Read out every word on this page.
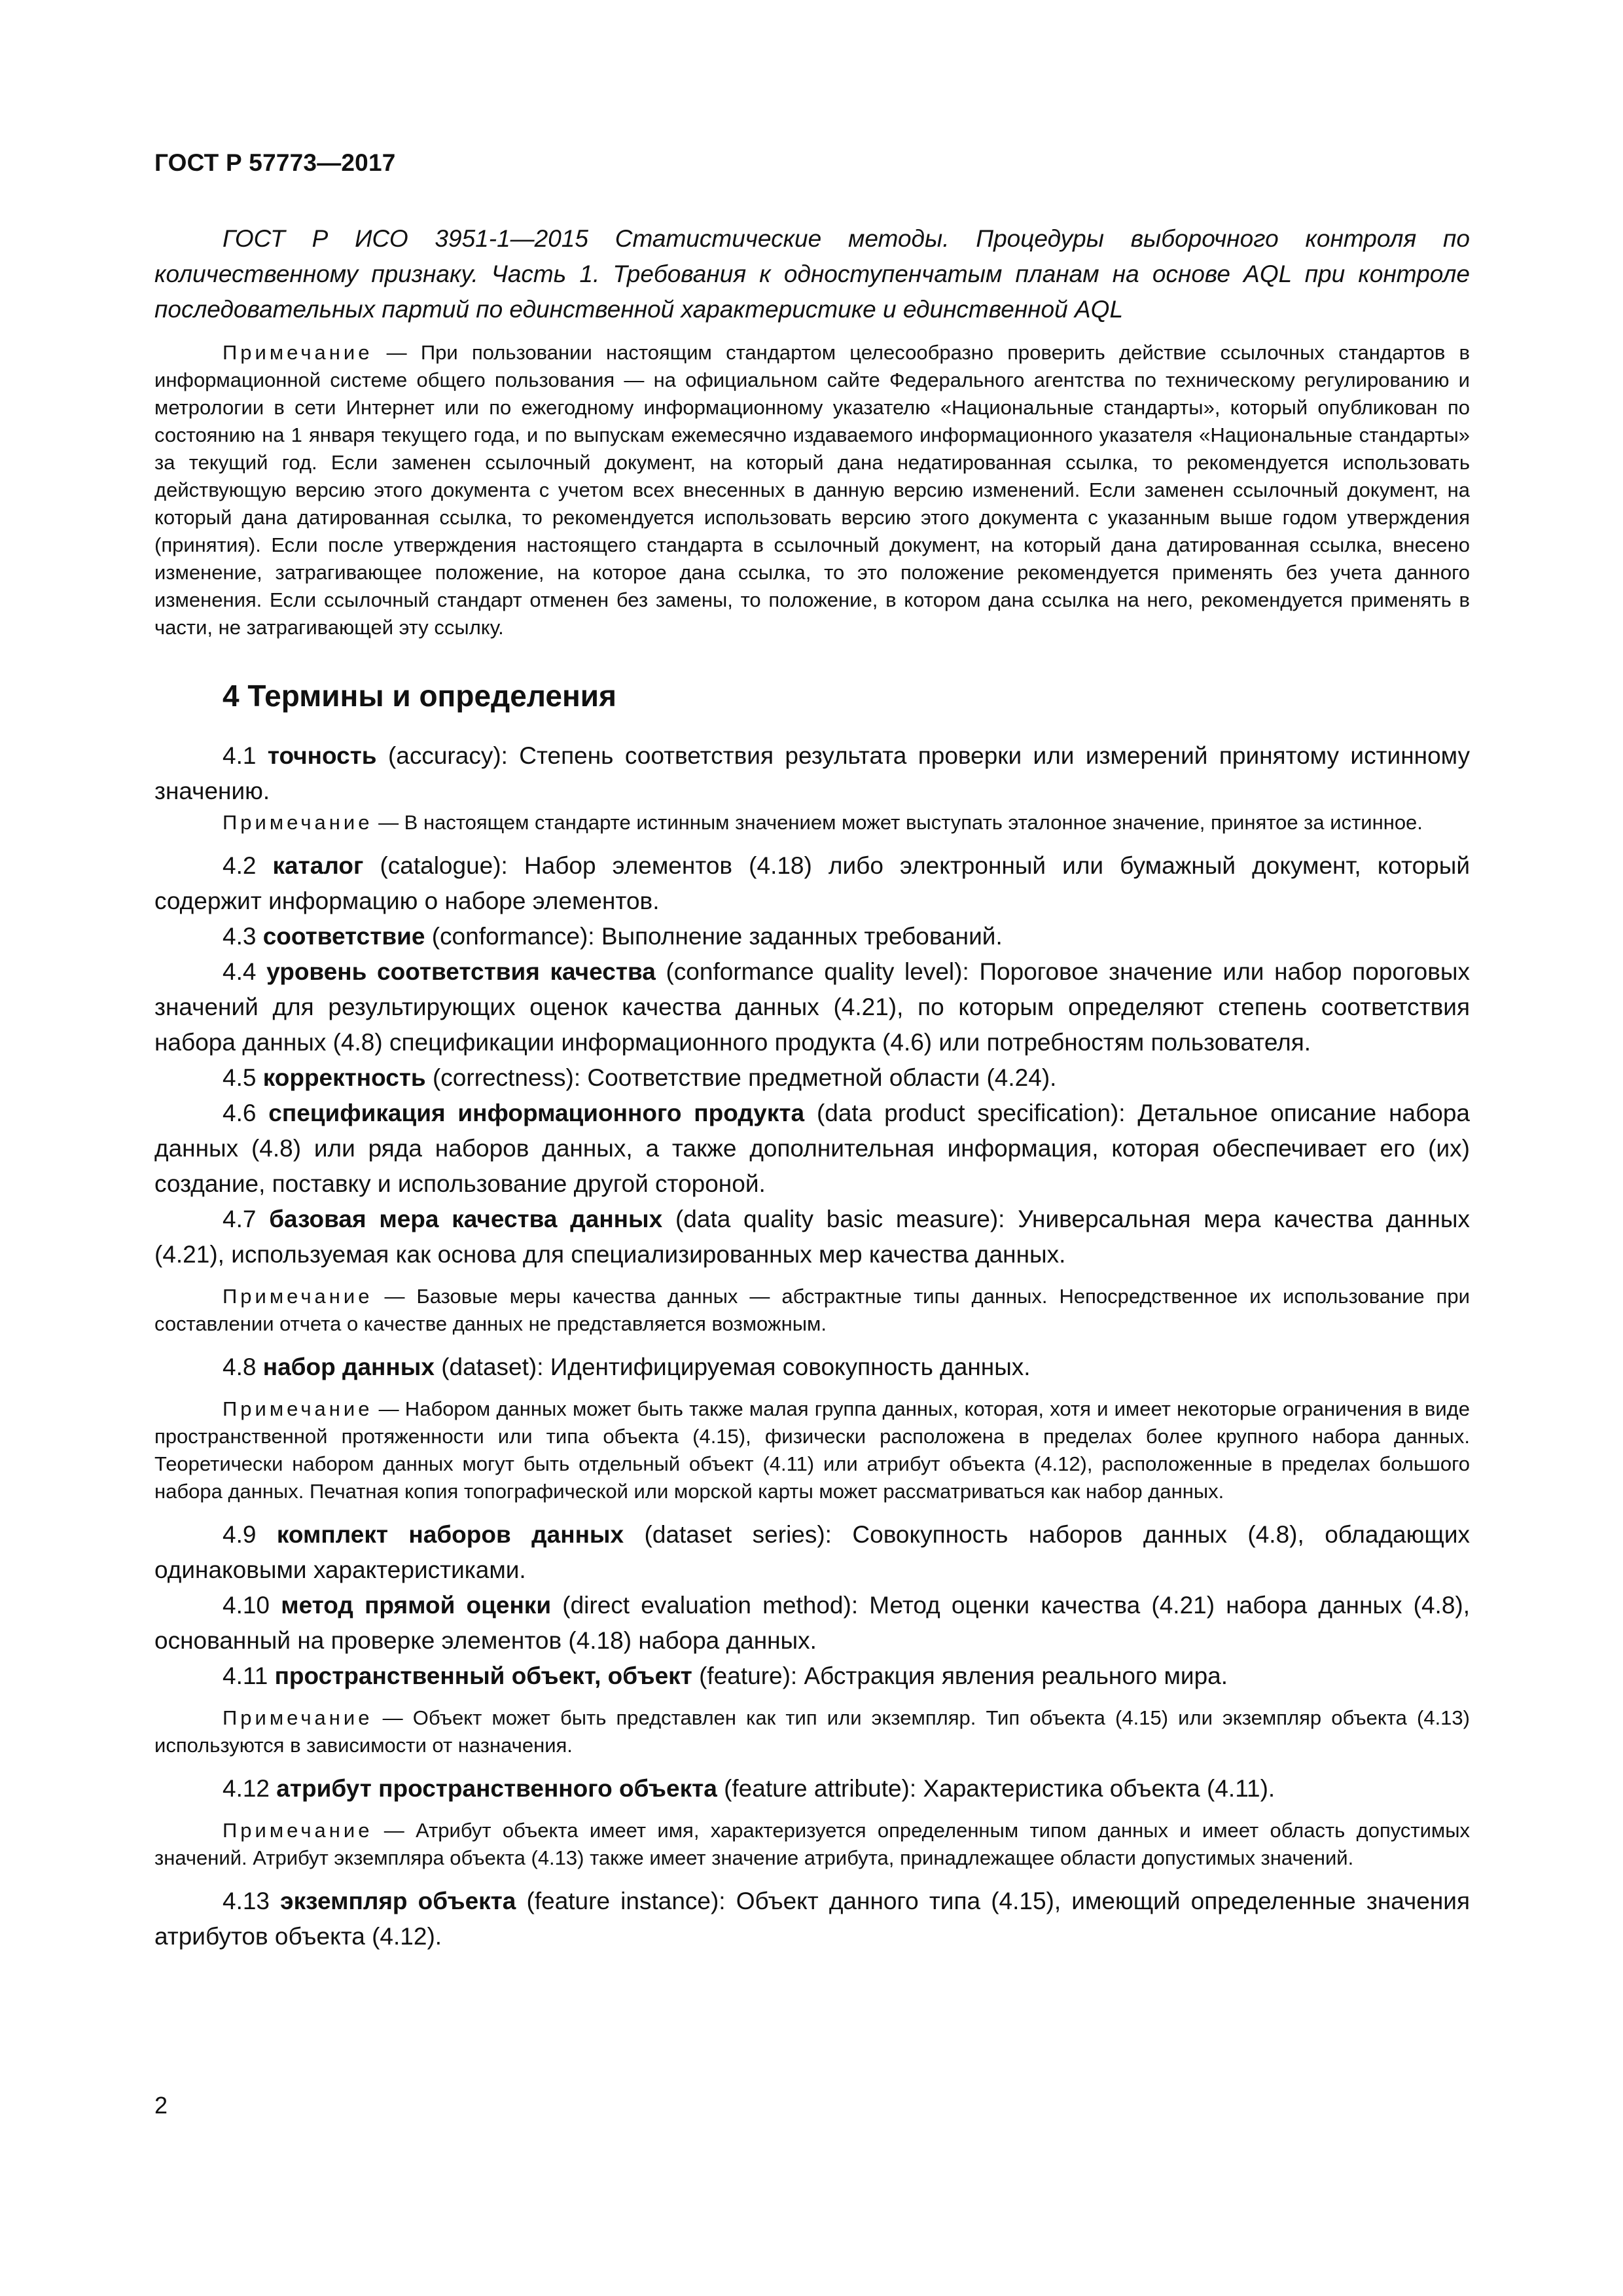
ГОСТ Р 57773—2017

ГОСТ Р ИСО 3951-1—2015 Статистические методы. Процедуры выборочного контроля по количественному признаку. Часть 1. Требования к одноступенчатым планам на основе AQL при контроле последовательных партий по единственной характеристике и единственной AQL

Примечание — При пользовании настоящим стандартом целесообразно проверить действие ссылочных стандартов в информационной системе общего пользования — на официальном сайте Федерального агентства по техническому регулированию и метрологии в сети Интернет или по ежегодному информационному указателю «Национальные стандарты», который опубликован по состоянию на 1 января текущего года, и по выпускам ежемесячно издаваемого информационного указателя «Национальные стандарты» за текущий год. Если заменен ссылочный документ, на который дана недатированная ссылка, то рекомендуется использовать действующую версию этого документа с учетом всех внесенных в данную версию изменений. Если заменен ссылочный документ, на который дана датированная ссылка, то рекомендуется использовать версию этого документа с указанным выше годом утверждения (принятия). Если после утверждения настоящего стандарта в ссылочный документ, на который дана датированная ссылка, внесено изменение, затрагивающее положение, на которое дана ссылка, то это положение рекомендуется применять без учета данного изменения. Если ссылочный стандарт отменен без замены, то положение, в котором дана ссылка на него, рекомендуется применять в части, не затрагивающей эту ссылку.

4 Термины и определения

4.1 точность (accuracy): Степень соответствия результата проверки или измерений принятому истинному значению.

Примечание — В настоящем стандарте истинным значением может выступать эталонное значение, принятое за истинное.

4.2 каталог (catalogue): Набор элементов (4.18) либо электронный или бумажный документ, который содержит информацию о наборе элементов.

4.3 соответствие (conformance): Выполнение заданных требований.

4.4 уровень соответствия качества (conformance quality level): Пороговое значение или набор пороговых значений для результирующих оценок качества данных (4.21), по которым определяют степень соответствия набора данных (4.8) спецификации информационного продукта (4.6) или потребностям пользователя.

4.5 корректность (correctness): Соответствие предметной области (4.24).

4.6 спецификация информационного продукта (data product specification): Детальное описание набора данных (4.8) или ряда наборов данных, а также дополнительная информация, которая обеспечивает его (их) создание, поставку и использование другой стороной.

4.7 базовая мера качества данных (data quality basic measure): Универсальная мера качества данных (4.21), используемая как основа для специализированных мер качества данных.

Примечание — Базовые меры качества данных — абстрактные типы данных. Непосредственное их использование при составлении отчета о качестве данных не представляется возможным.

4.8 набор данных (dataset): Идентифицируемая совокупность данных.

Примечание — Набором данных может быть также малая группа данных, которая, хотя и имеет некоторые ограничения в виде пространственной протяженности или типа объекта (4.15), физически расположена в пределах более крупного набора данных. Теоретически набором данных могут быть отдельный объект (4.11) или атрибут объекта (4.12), расположенные в пределах большого набора данных. Печатная копия топографической или морской карты может рассматриваться как набор данных.

4.9 комплект наборов данных (dataset series): Совокупность наборов данных (4.8), обладающих одинаковыми характеристиками.

4.10 метод прямой оценки (direct evaluation method): Метод оценки качества (4.21) набора данных (4.8), основанный на проверке элементов (4.18) набора данных.

4.11 пространственный объект, объект (feature): Абстракция явления реального мира.

Примечание — Объект может быть представлен как тип или экземпляр. Тип объекта (4.15) или экземпляр объекта (4.13) используются в зависимости от назначения.

4.12 атрибут пространственного объекта (feature attribute): Характеристика объекта (4.11).

Примечание — Атрибут объекта имеет имя, характеризуется определенным типом данных и имеет область допустимых значений. Атрибут экземпляра объекта (4.13) также имеет значение атрибута, принадлежащее области допустимых значений.

4.13 экземпляр объекта (feature instance): Объект данного типа (4.15), имеющий определенные значения атрибутов объекта (4.12).

2
